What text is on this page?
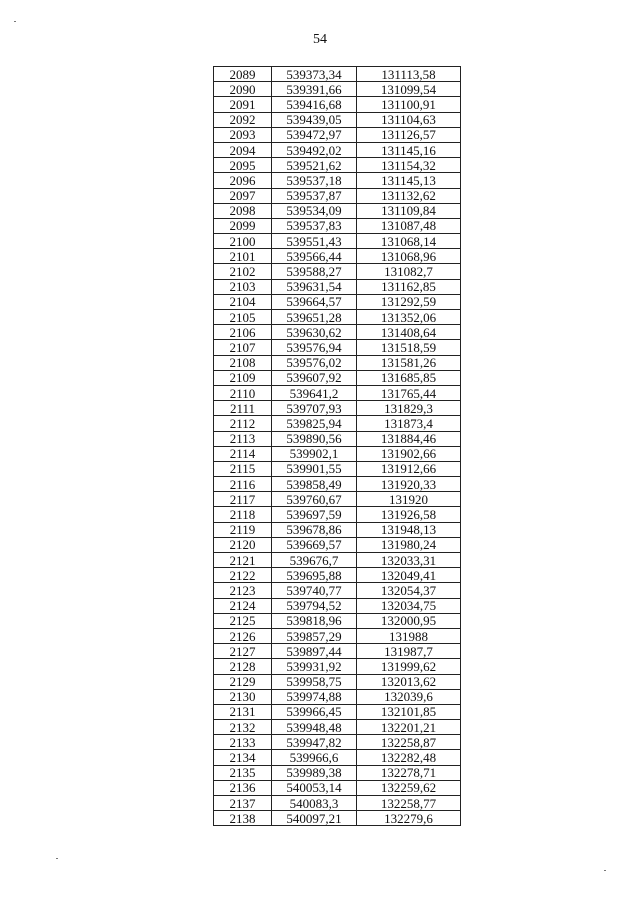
54
2089	539373,34	131113,58
2090	539391,66	131099,54
2091	539416,68	131100,91
2092	539439,05	131104,63
2093	539472,97	131126,57
2094	539492,02	131145,16
2095	539521,62	131154,32
2096	539537,18	131145,13
2097	539537,87	131132,62
2098	539534,09	131109,84
2099	539537,83	131087,48
2100	539551,43	131068,14
2101	539566,44	131068,96
2102	539588,27	131082,7
2103	539631,54	131162,85
2104	539664,57	131292,59
2105	539651,28	131352,06
2106	539630,62	131408,64
2107	539576,94	131518,59
2108	539576,02	131581,26
2109	539607,92	131685,85
2110	539641,2	131765,44
2111	539707,93	131829,3
2112	539825,94	131873,4
2113	539890,56	131884,46
2114	539902,1	131902,66
2115	539901,55	131912,66
2116	539858,49	131920,33
2117	539760,67	131920
2118	539697,59	131926,58
2119	539678,86	131948,13
2120	539669,57	131980,24
2121	539676,7	132033,31
2122	539695,88	132049,41
2123	539740,77	132054,37
2124	539794,52	132034,75
2125	539818,96	132000,95
2126	539857,29	131988
2127	539897,44	131987,7
2128	539931,92	131999,62
2129	539958,75	132013,62
2130	539974,88	132039,6
2131	539966,45	132101,85
2132	539948,48	132201,21
2133	539947,82	132258,87
2134	539966,6	132282,48
2135	539989,38	132278,71
2136	540053,14	132259,62
2137	540083,3	132258,77
2138	540097,21	132279,6
